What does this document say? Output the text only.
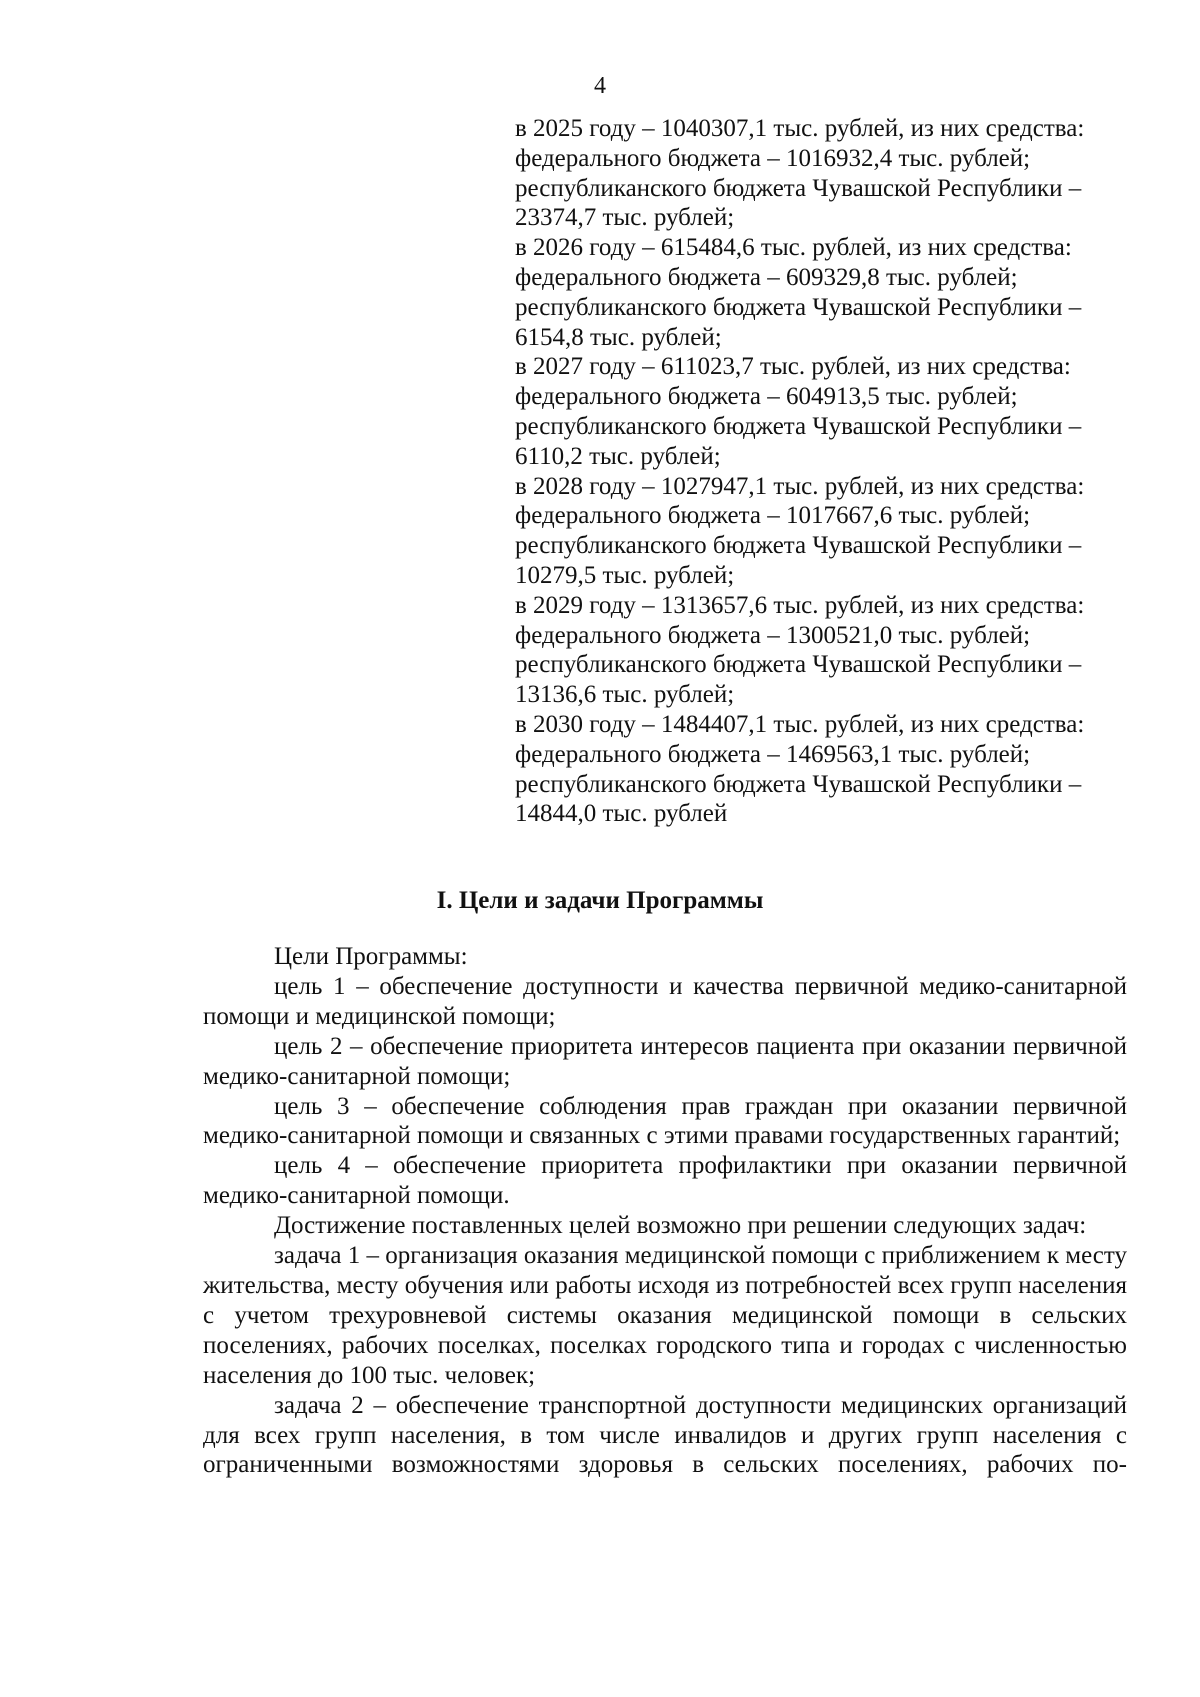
4
в 2025 году – 1040307,1 тыс. рублей, из них средства:
федерального бюджета – 1016932,4 тыс. рублей;
республиканского бюджета Чувашской Республики –
23374,7 тыс. рублей;
в 2026 году – 615484,6 тыс. рублей, из них средства:
федерального бюджета – 609329,8 тыс. рублей;
республиканского бюджета Чувашской Республики –
6154,8 тыс. рублей;
в 2027 году – 611023,7 тыс. рублей, из них средства:
федерального бюджета – 604913,5 тыс. рублей;
республиканского бюджета Чувашской Республики –
6110,2 тыс. рублей;
в 2028 году – 1027947,1 тыс. рублей, из них средства:
федерального бюджета – 1017667,6 тыс. рублей;
республиканского бюджета Чувашской Республики –
10279,5 тыс. рублей;
в 2029 году – 1313657,6 тыс. рублей, из них средства:
федерального бюджета – 1300521,0 тыс. рублей;
республиканского бюджета Чувашской Республики –
13136,6 тыс. рублей;
в 2030 году – 1484407,1 тыс. рублей, из них средства:
федерального бюджета – 1469563,1 тыс. рублей;
республиканского бюджета Чувашской Республики –
14844,0 тыс. рублей
I. Цели и задачи Программы

Цели Программы:

цель 1 – обеспечение доступности и качества первичной медико-санитарной помощи и медицинской помощи;

цель 2 – обеспечение приоритета интересов пациента при оказании первичной медико-санитарной помощи;

цель 3 – обеспечение соблюдения прав граждан при оказании первичной медико-санитарной помощи и связанных с этими правами государственных гарантий;

цель 4 – обеспечение приоритета профилактики при оказании первичной медико-санитарной помощи.

Достижение поставленных целей возможно при решении следующих задач:

задача 1 – организация оказания медицинской помощи с приближением к месту жительства, месту обучения или работы исходя из потребностей всех групп населения с учетом трехуровневой системы оказания медицинской помощи в сельских поселениях, рабочих поселках, поселках городского типа и городах с численностью населения до 100 тыс. человек;

задача 2 – обеспечение транспортной доступности медицинских организаций для всех групп населения, в том числе инвалидов и других групп населения с ограниченными возможностями здоровья в сельских поселениях, рабочих по-
